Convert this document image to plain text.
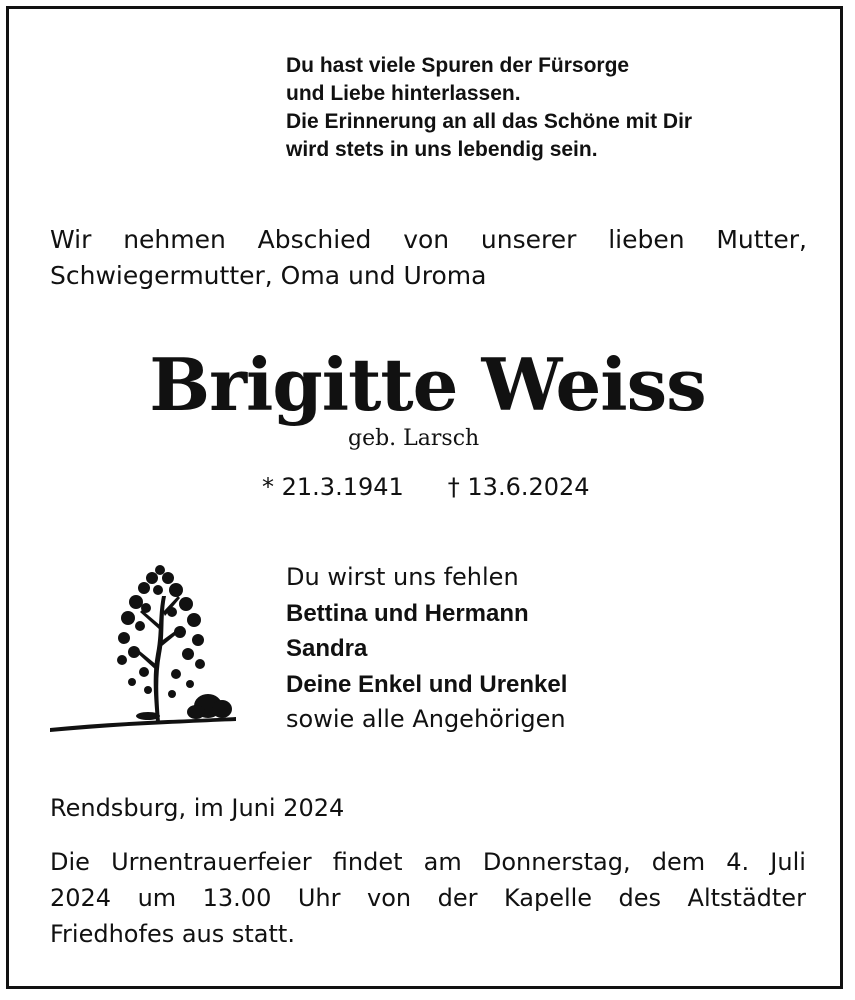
Du hast viele Spuren der Fürsorge
und Liebe hinterlassen.
Die Erinnerung an all das Schöne mit Dir
wird stets in uns lebendig sein.
Wir nehmen Abschied von unserer lieben Mutter,
Schwiegermutter, Oma und Uroma
Brigitte Weiss
geb. Larsch
* 21.3.1941 † 13.6.2024
Du wirst uns fehlen
Bettina und Hermann
Sandra
Deine Enkel und Urenkel
sowie alle Angehörigen
Rendsburg, im Juni 2024
Die Urnentrauerfeier findet am Donnerstag, dem 4. Juli
2024 um 13.00 Uhr von der Kapelle des Altstädter
Friedhofes aus statt.
